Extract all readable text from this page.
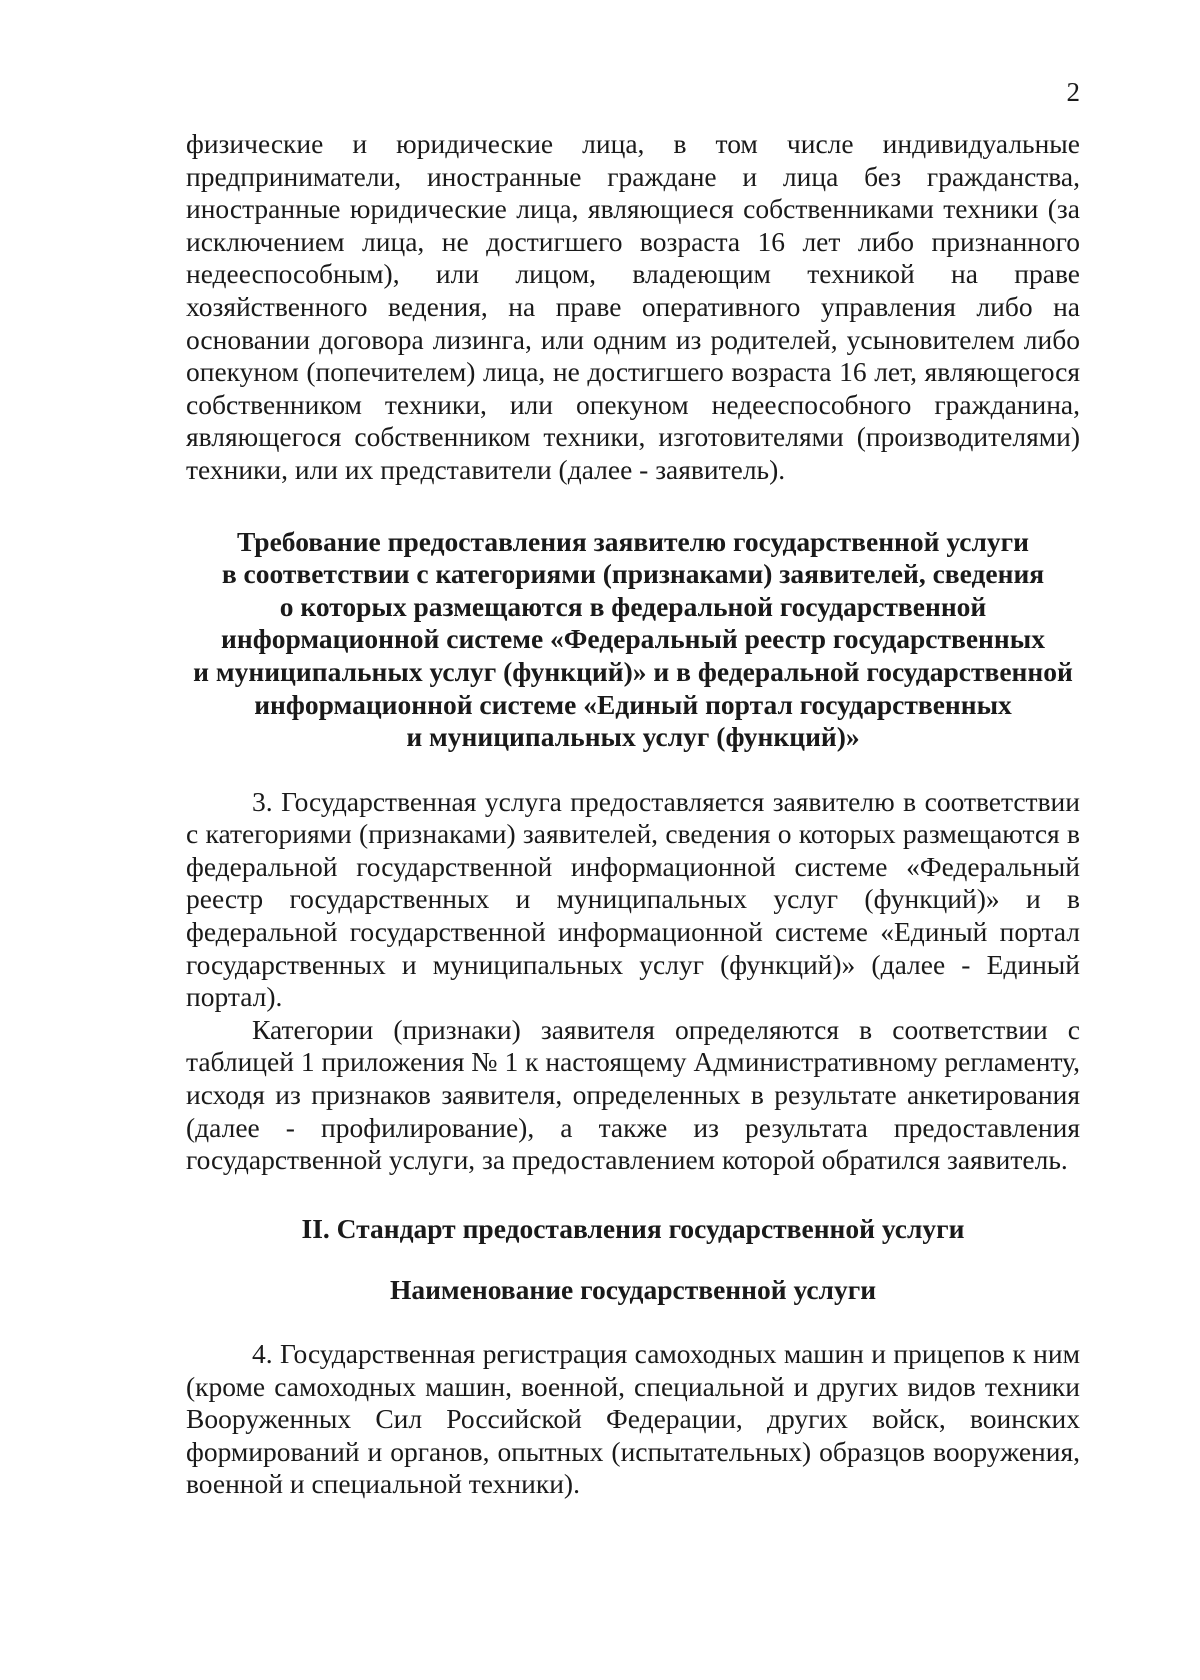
2

физические и юридические лица, в том числе индивидуальные предприниматели, иностранные граждане и лица без гражданства, иностранные юридические лица, являющиеся собственниками техники (за исключением лица, не достигшего возраста 16 лет либо признанного недееспособным), или лицом, владеющим техникой на праве хозяйственного ведения, на праве оперативного управления либо на основании договора лизинга, или одним из родителей, усыновителем либо опекуном (попечителем) лица, не достигшего возраста 16 лет, являющегося собственником техники, или опекуном недееспособного гражданина, являющегося собственником техники, изготовителями (производителями) техники, или их представители (далее - заявитель).

Требование предоставления заявителю государственной услуги
в соответствии с категориями (признаками) заявителей, сведения
о которых размещаются в федеральной государственной
информационной системе «Федеральный реестр государственных
и муниципальных услуг (функций)» и в федеральной государственной
информационной системе «Единый портал государственных
и муниципальных услуг (функций)»

3. Государственная услуга предоставляется заявителю в соответствии с категориями (признаками) заявителей, сведения о которых размещаются в федеральной государственной информационной системе «Федеральный реестр государственных и муниципальных услуг (функций)» и в федеральной государственной информационной системе «Единый портал государственных и муниципальных услуг (функций)» (далее - Единый портал).

Категории (признаки) заявителя определяются в соответствии с таблицей 1 приложения № 1 к настоящему Административному регламенту, исходя из признаков заявителя, определенных в результате анкетирования (далее - профилирование), а также из результата предоставления государственной услуги, за предоставлением которой обратился заявитель.

II. Стандарт предоставления государственной услуги
Наименование государственной услуги

4. Государственная регистрация самоходных машин и прицепов к ним (кроме самоходных машин, военной, специальной и других видов техники Вооруженных Сил Российской Федерации, других войск, воинских формирований и органов, опытных (испытательных) образцов вооружения, военной и специальной техники).
